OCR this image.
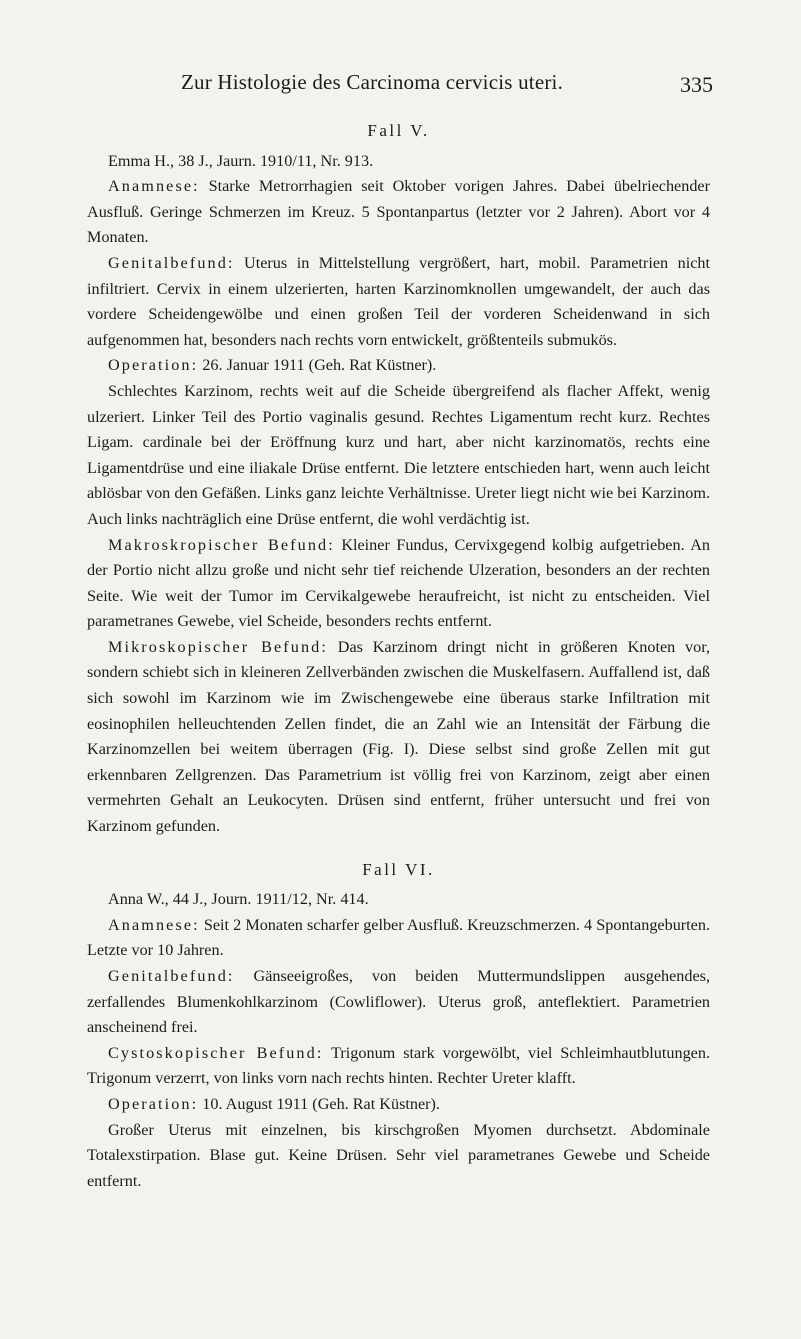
Zur Histologie des Carcinoma cervicis uteri.	335
Fall V.

Emma H., 38 J., Jaurn. 1910/11, Nr. 913.

Anamnese: Starke Metrorrhagien seit Oktober vorigen Jahres. Dabei übelriechender Ausfluß. Geringe Schmerzen im Kreuz. 5 Spontanpartus (letzter vor 2 Jahren). Abort vor 4 Monaten.

Genitalbefund: Uterus in Mittelstellung vergrößert, hart, mobil. Parametrien nicht infiltriert. Cervix in einem ulzerierten, harten Karzinomknollen umgewandelt, der auch das vordere Scheidengewölbe und einen großen Teil der vorderen Scheidenwand in sich aufgenommen hat, besonders nach rechts vorn entwickelt, größtenteils submukös.

Operation: 26. Januar 1911 (Geh. Rat Küstner).

Schlechtes Karzinom, rechts weit auf die Scheide übergreifend als flacher Affekt, wenig ulzeriert. Linker Teil des Portio vaginalis gesund. Rechtes Ligamentum recht kurz. Rechtes Ligam. cardinale bei der Eröffnung kurz und hart, aber nicht karzinomatös, rechts eine Ligamentdrüse und eine iliakale Drüse entfernt. Die letztere entschieden hart, wenn auch leicht ablösbar von den Gefäßen. Links ganz leichte Verhältnisse. Ureter liegt nicht wie bei Karzinom. Auch links nachträglich eine Drüse entfernt, die wohl verdächtig ist.

Makroskropischer Befund: Kleiner Fundus, Cervixgegend kolbig aufgetrieben. An der Portio nicht allzu große und nicht sehr tief reichende Ulzeration, besonders an der rechten Seite. Wie weit der Tumor im Cervikalgewebe heraufreicht, ist nicht zu entscheiden. Viel parametranes Gewebe, viel Scheide, besonders rechts entfernt.

Mikroskopischer Befund: Das Karzinom dringt nicht in größeren Knoten vor, sondern schiebt sich in kleineren Zellverbänden zwischen die Muskelfasern. Auffallend ist, daß sich sowohl im Karzinom wie im Zwischengewebe eine überaus starke Infiltration mit eosinophilen helleuchtenden Zellen findet, die an Zahl wie an Intensität der Färbung die Karzinomzellen bei weitem überragen (Fig. I). Diese selbst sind große Zellen mit gut erkennbaren Zellgrenzen. Das Parametrium ist völlig frei von Karzinom, zeigt aber einen vermehrten Gehalt an Leukocyten. Drüsen sind entfernt, früher untersucht und frei von Karzinom gefunden.

Fall VI.

Anna W., 44 J., Journ. 1911/12, Nr. 414.

Anamnese: Seit 2 Monaten scharfer gelber Ausfluß. Kreuzschmerzen. 4 Spontangeburten. Letzte vor 10 Jahren.

Genitalbefund: Gänseeigroßes, von beiden Muttermundslippen ausgehendes, zerfallendes Blumenkohlkarzinom (Cowliflower). Uterus groß, anteflektiert. Parametrien anscheinend frei.

Cystoskopischer Befund: Trigonum stark vorgewölbt, viel Schleimhautblutungen. Trigonum verzerrt, von links vorn nach rechts hinten. Rechter Ureter klafft.

Operation: 10. August 1911 (Geh. Rat Küstner).

Großer Uterus mit einzelnen, bis kirschgroßen Myomen durchsetzt. Abdominale Totalexstirpation. Blase gut. Keine Drüsen. Sehr viel parametranes Gewebe und Scheide entfernt.
